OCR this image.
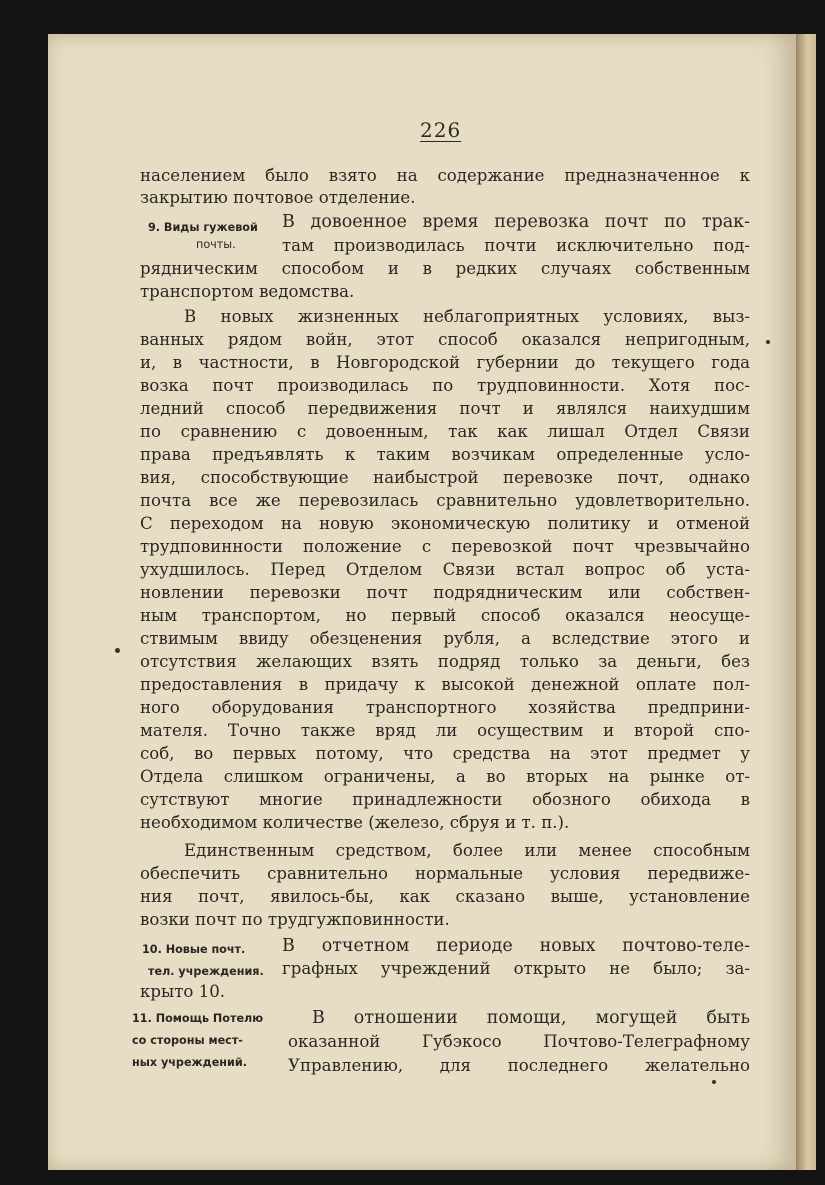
226
населением было взято на содержание предназначенное к
закрытию почтовое отделение.
9. Виды гужевой
почты.
В довоенное время перевозка почт по трак-
там производилась почти исключительно под-
рядническим способом и в редких случаях собственным
транспортом ведомства.
В новых жизненных неблагоприятных условиях, выз-
ванных рядом войн, этот способ оказался непригодным,
и, в частности, в Новгородской губернии до текущего года
возка почт производилась по трудповинности. Хотя пос-
ледний способ передвижения почт и являлся наихудшим
по сравнению с довоенным, так как лишал Отдел Связи
права предъявлять к таким возчикам определенные усло-
вия, способствующие наибыстрой перевозке почт, однако
почта все же перевозилась сравнительно удовлетворительно.
С переходом на новую экономическую политику и отменой
трудповинности положение с перевозкой почт чрезвычайно
ухудшилось. Перед Отделом Связи встал вопрос об уста-
новлении перевозки почт подрядническим или собствен-
ным транспортом, но первый способ оказался неосуще-
ствимым ввиду обезценения рубля, а вследствие этого и
отсутствия желающих взять подряд только за деньги, без
предоставления в придачу к высокой денежной оплате пол-
ного оборудования транспортного хозяйства предприни-
мателя. Точно также вряд ли осуществим и второй спо-
соб, во первых потому, что средства на этот предмет у
Отдела слишком ограничены, а во вторых на рынке от-
сутствуют многие принадлежности обозного обихода в
необходимом количестве (железо, сбруя и т. п.).
Единственным средством, более или менее способным
обеспечить сравнительно нормальные условия передвиже-
ния почт, явилось-бы, как сказано выше, установление
возки почт по трудгужповинности.
10. Новые почт.
тел. учреждения.
В отчетном периоде новых почтово-теле-
графных учреждений открыто не было; за-
крыто 10.
11. Помощь Потелю
со стороны мест-
ных учреждений.
В отношении помощи, могущей быть
оказанной Губэкосо Почтово-Телеграфному
Управлению, для последнего желательно
